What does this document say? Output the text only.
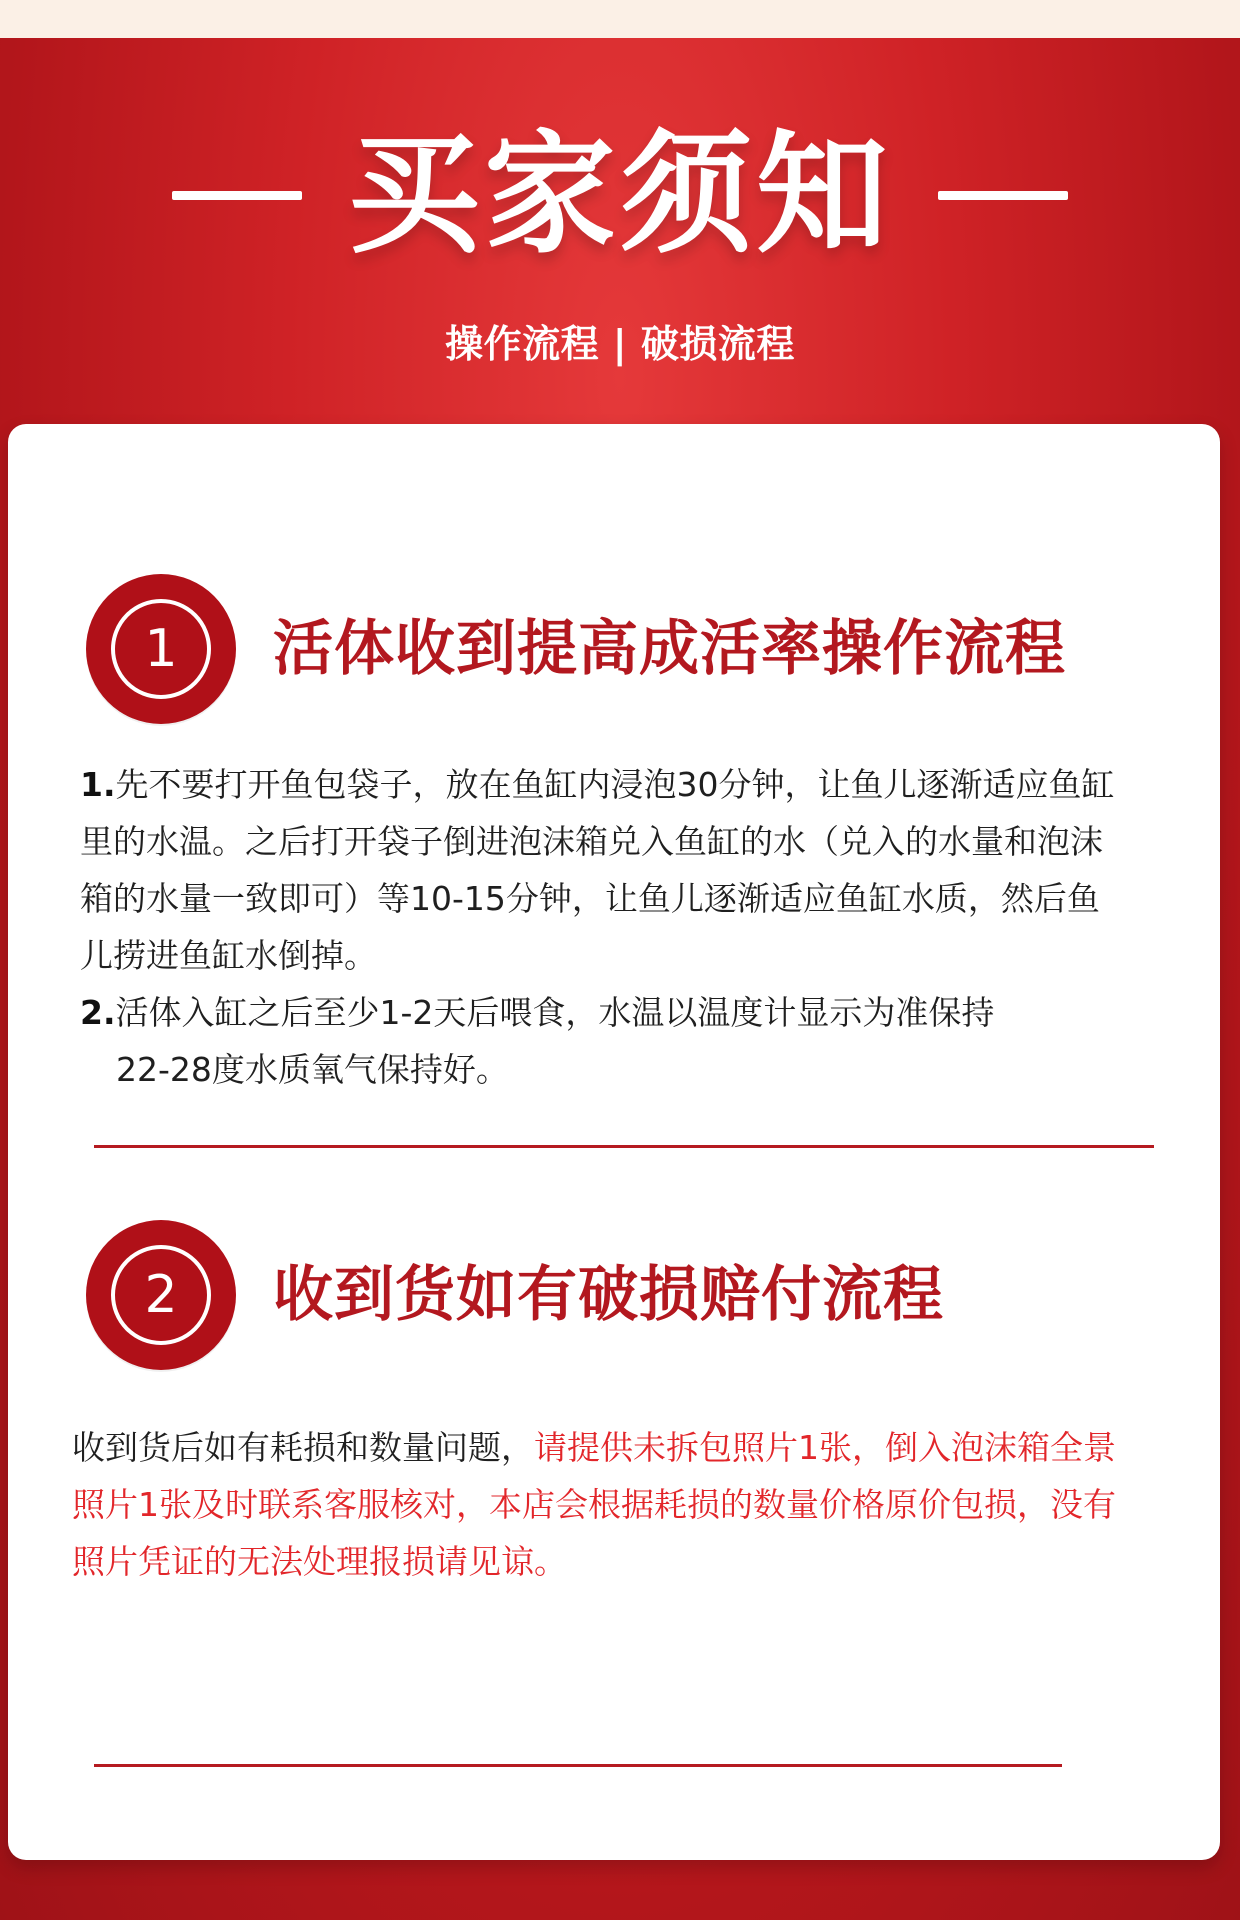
买家须知
操作流程 | 破损流程
1	活体收到提高成活率操作流程
1.先不要打开鱼包袋子，放在鱼缸内浸泡30分钟，让鱼儿逐渐适应鱼缸
里的水温。之后打开袋子倒进泡沫箱兑入鱼缸的水（兑入的水量和泡沫
箱的水量一致即可）等10-15分钟，让鱼儿逐渐适应鱼缸水质，然后鱼
儿捞进鱼缸水倒掉。
2.活体入缸之后至少1-2天后喂食，水温以温度计显示为准保持
22-28度水质氧气保持好。
2	收到货如有破损赔付流程
收到货后如有耗损和数量问题，请提供未拆包照片1张，倒入泡沫箱全景
照片1张及时联系客服核对，本店会根据耗损的数量价格原价包损，没有
照片凭证的无法处理报损请见谅。
